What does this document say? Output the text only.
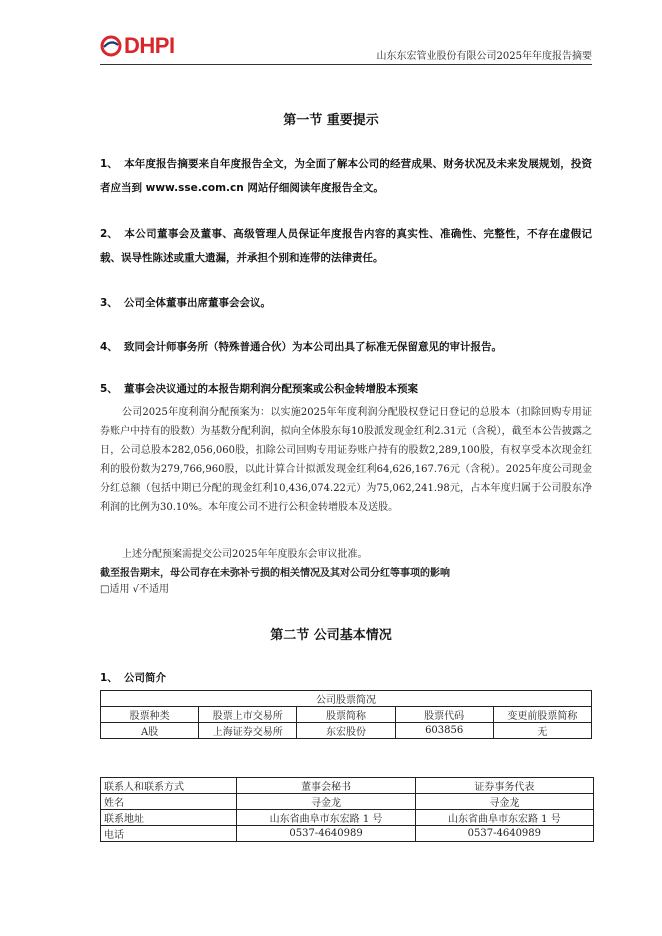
DHPI	山东东宏管业股份有限公司2025年年度报告摘要
第一节 重要提示
1、 本年度报告摘要来自年度报告全文，为全面了解本公司的经营成果、财务状况及未来发展规划，投资者应当到 www.sse.com.cn 网站仔细阅读年度报告全文。
2、 本公司董事会及董事、高级管理人员保证年度报告内容的真实性、准确性、完整性，不存在虚假记载、误导性陈述或重大遗漏，并承担个别和连带的法律责任。
3、 公司全体董事出席董事会会议。
4、 致同会计师事务所（特殊普通合伙）为本公司出具了标准无保留意见的审计报告。
5、 董事会决议通过的本报告期利润分配预案或公积金转增股本预案
公司2025年度利润分配预案为：以实施2025年年度利润分配股权登记日登记的总股本（扣除回购专用证券账户中持有的股数）为基数分配利润，拟向全体股东每10股派发现金红利2.31元（含税），截至本公告披露之日，公司总股本282,056,060股，扣除公司回购专用证券账户持有的股数2,289,100股，有权享受本次现金红利的股份数为279,766,960股，以此计算合计拟派发现金红利64,626,167.76元（含税）。2025年度公司现金分红总额（包括中期已分配的现金红利10,436,074.22元）为75,062,241.98元，占本年度归属于公司股东净利润的比例为30.10%。本年度公司不进行公积金转增股本及送股。
上述分配预案需提交公司2025年年度股东会审议批准。
截至报告期末，母公司存在未弥补亏损的相关情况及其对公司分红等事项的影响
□适用 √不适用
第二节 公司基本情况
1、 公司简介
公司股票简况				
股票种类	股票上市交易所	股票简称	股票代码	变更前股票简称
A股	上海证券交易所	东宏股份	603856	无
联系人和联系方式	董事会秘书	证券事务代表
姓名	寻金龙	寻金龙
联系地址	山东省曲阜市东宏路 1 号	山东省曲阜市东宏路 1 号
电话	0537-4640989	0537-4640989
